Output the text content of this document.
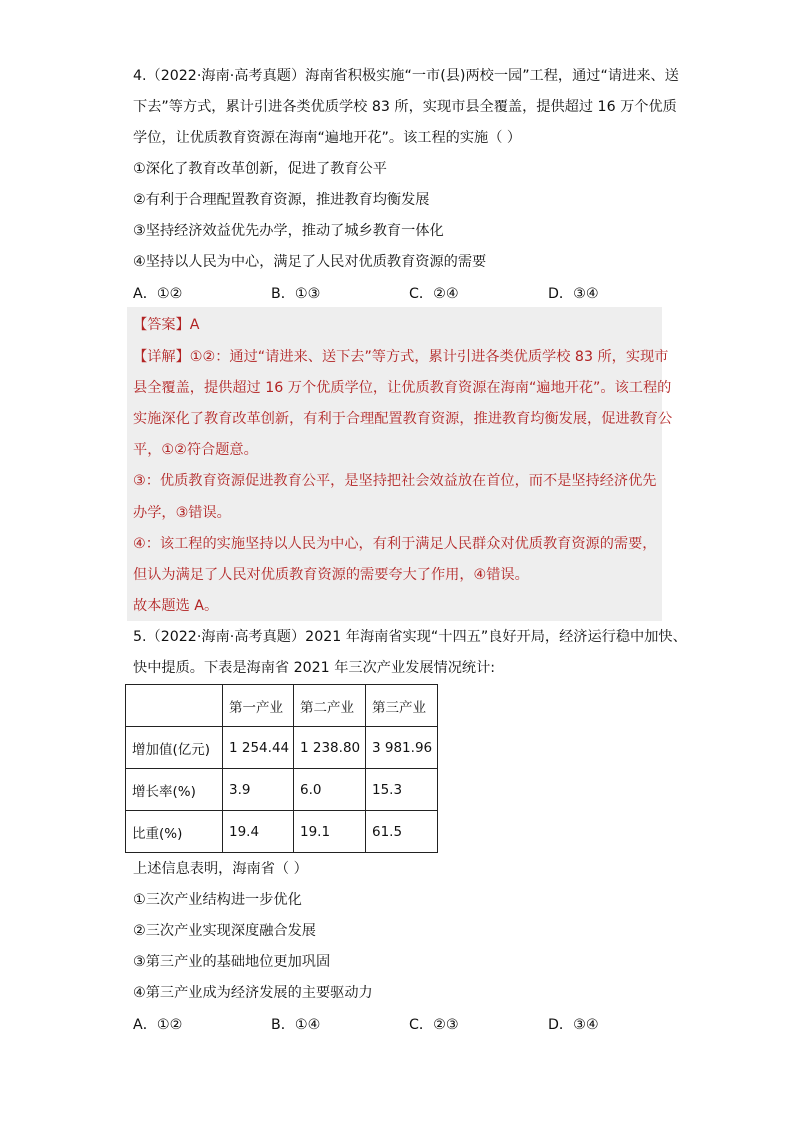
4.（2022·海南·高考真题）海南省积极实施“一市(县)两校一园”工程，通过“请进来、送
下去”等方式，累计引进各类优质学校 83 所，实现市县全覆盖，提供超过 16 万个优质
学位，让优质教育资源在海南“遍地开花”。该工程的实施（ ）
①深化了教育改革创新，促进了教育公平
②有利于合理配置教育资源，推进教育均衡发展
③坚持经济效益优先办学，推动了城乡教育一体化
④坚持以人民为中心，满足了人民对优质教育资源的需要
A．①②	B．①③	C．②④	D．③④
【答案】A
【详解】①②：通过“请进来、送下去”等方式，累计引进各类优质学校 83 所，实现市
县全覆盖，提供超过 16 万个优质学位，让优质教育资源在海南“遍地开花”。该工程的
实施深化了教育改革创新，有利于合理配置教育资源，推进教育均衡发展，促进教育公
平，①②符合题意。
③：优质教育资源促进教育公平，是坚持把社会效益放在首位，而不是坚持经济优先
办学，③错误。
④：该工程的实施坚持以人民为中心，有利于满足人民群众对优质教育资源的需要，
但认为满足了人民对优质教育资源的需要夸大了作用，④错误。
故本题选 A。
5.（2022·海南·高考真题）2021 年海南省实现“十四五”良好开局，经济运行稳中加快、
快中提质。下表是海南省 2021 年三次产业发展情况统计:
	第一产业	第二产业	第三产业
增加值(亿元)	1 254.44	1 238.80	3 981.96
增长率(%)	3.9	6.0	15.3
比重(%)	19.4	19.1	61.5
上述信息表明，海南省（ ）
①三次产业结构进一步优化
②三次产业实现深度融合发展
③第三产业的基础地位更加巩固
④第三产业成为经济发展的主要驱动力
A．①②	B．①④	C．②③	D．③④
